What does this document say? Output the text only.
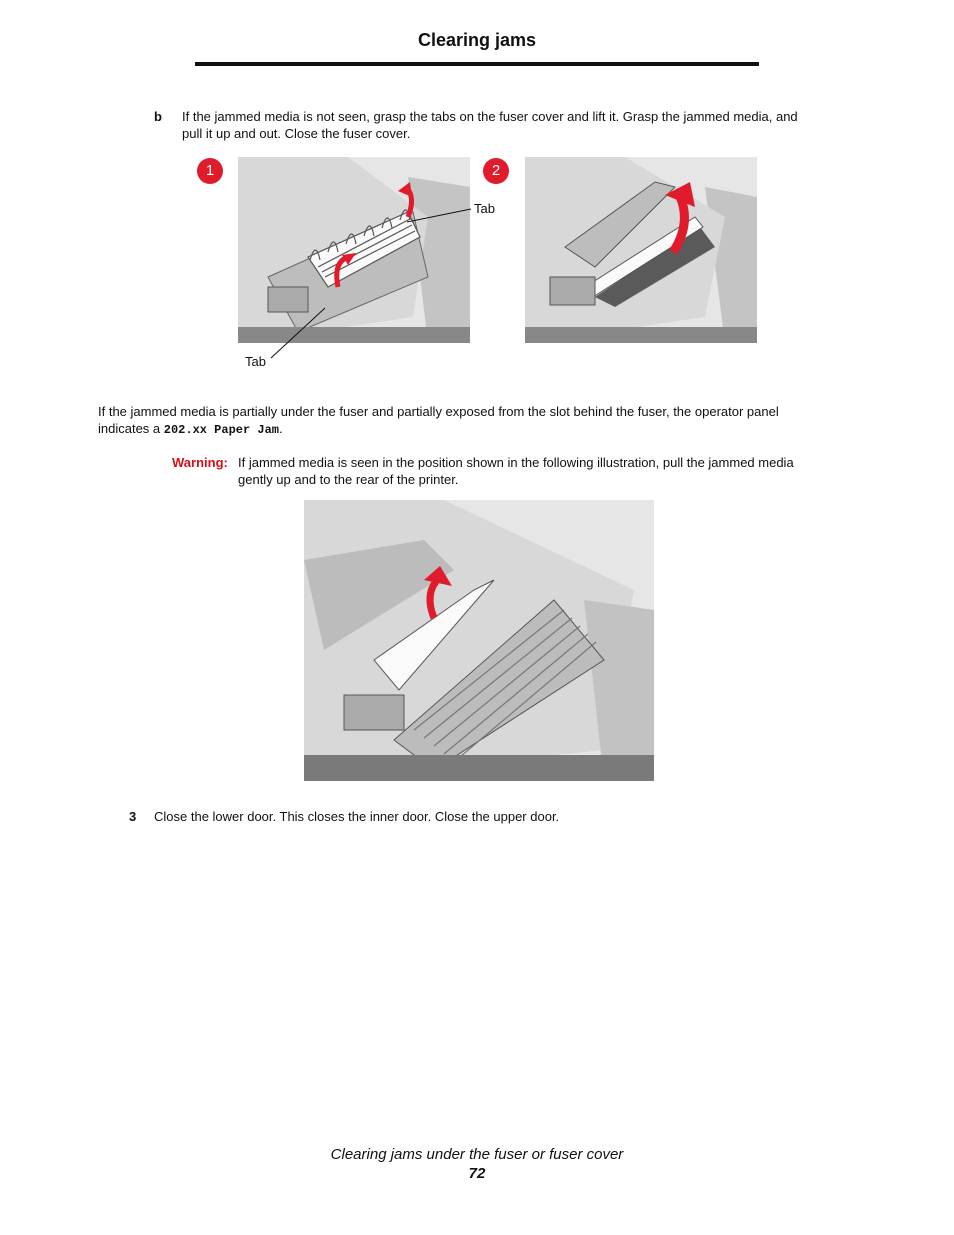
Clearing jams
b If the jammed media is not seen, grasp the tabs on the fuser cover and lift it. Grasp the jammed media, and
pull it up and out. Close the fuser cover.
1	2
Tab
Tab
If the jammed media is partially under the fuser and partially exposed from the slot behind the fuser, the operator panel
indicates a 202.xx Paper Jam.
Warning: If jammed media is seen in the position shown in the following illustration, pull the jammed media
gently up and to the rear of the printer.
3 Close the lower door. This closes the inner door. Close the upper door.
Clearing jams under the fuser or fuser cover
72
